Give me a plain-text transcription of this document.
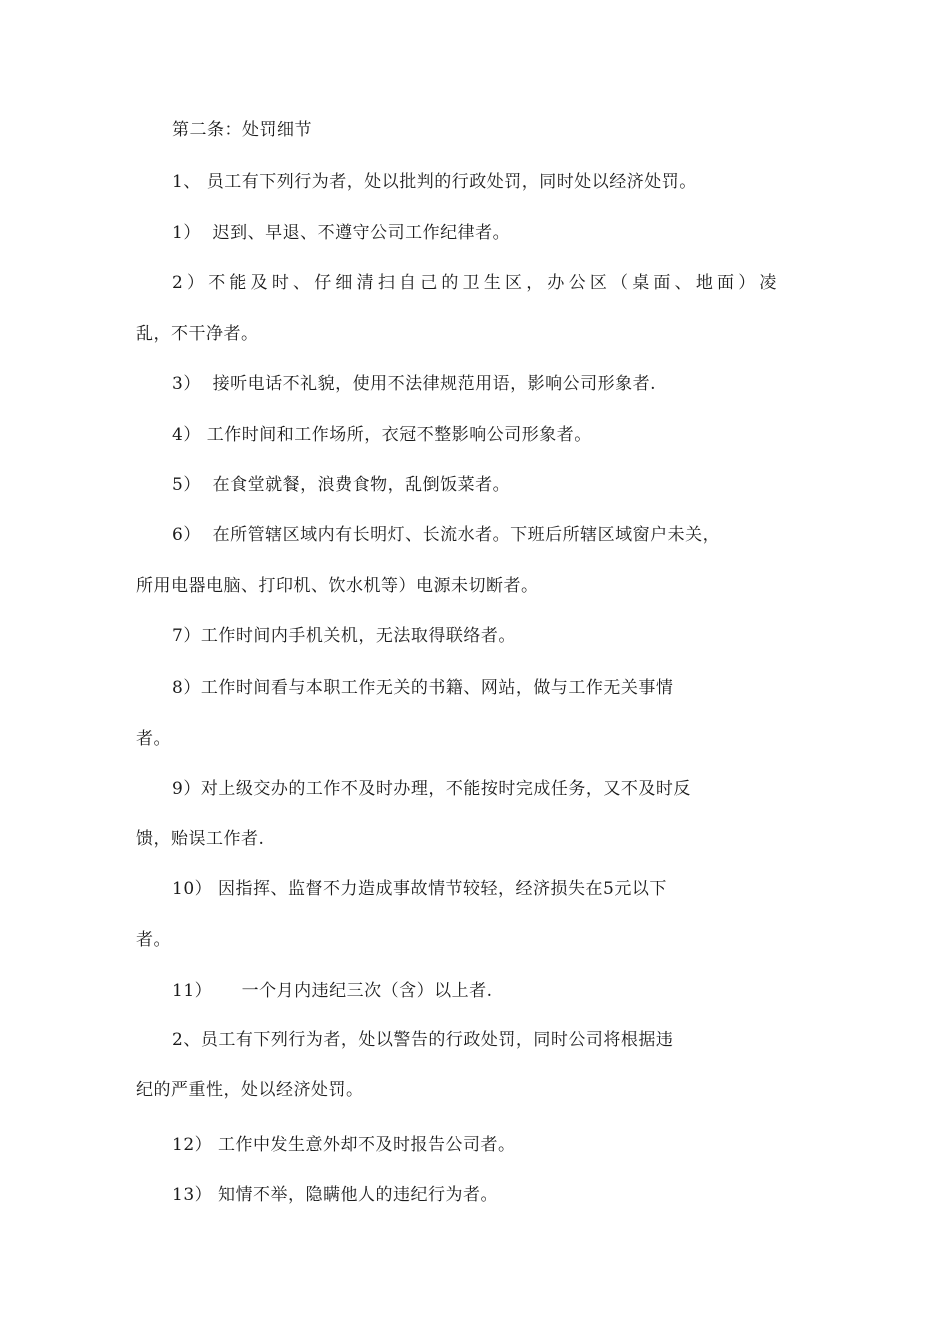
第二条：处罚细节
1、 员工有下列行为者，处以批判的行政处罚，同时处以经济处罚。
1）  迟到、早退、不遵守公司工作纪律者。
2）不能及时、仔细清扫自己的卫生区，办公区（桌面、地面）凌
乱，不干净者。
3）  接听电话不礼貌，使用不法律规范用语，影响公司形象者.
4） 工作时间和工作场所，衣冠不整影响公司形象者。
5）  在食堂就餐，浪费食物，乱倒饭菜者。
6）  在所管辖区域内有长明灯、长流水者。下班后所辖区域窗户未关，
所用电器电脑、打印机、饮水机等）电源未切断者。
7）工作时间内手机关机，无法取得联络者。
8）工作时间看与本职工作无关的书籍、网站，做与工作无关事情
者。
9）对上级交办的工作不及时办理，不能按时完成任务，又不及时反
馈，贻误工作者.
10） 因指挥、监督不力造成事故情节较轻，经济损失在5元以下
者。
11）     一个月内违纪三次（含）以上者.
2、员工有下列行为者，处以警告的行政处罚，同时公司将根据违
纪的严重性，处以经济处罚。
12） 工作中发生意外却不及时报告公司者。
13） 知情不举，隐瞒他人的违纪行为者。
